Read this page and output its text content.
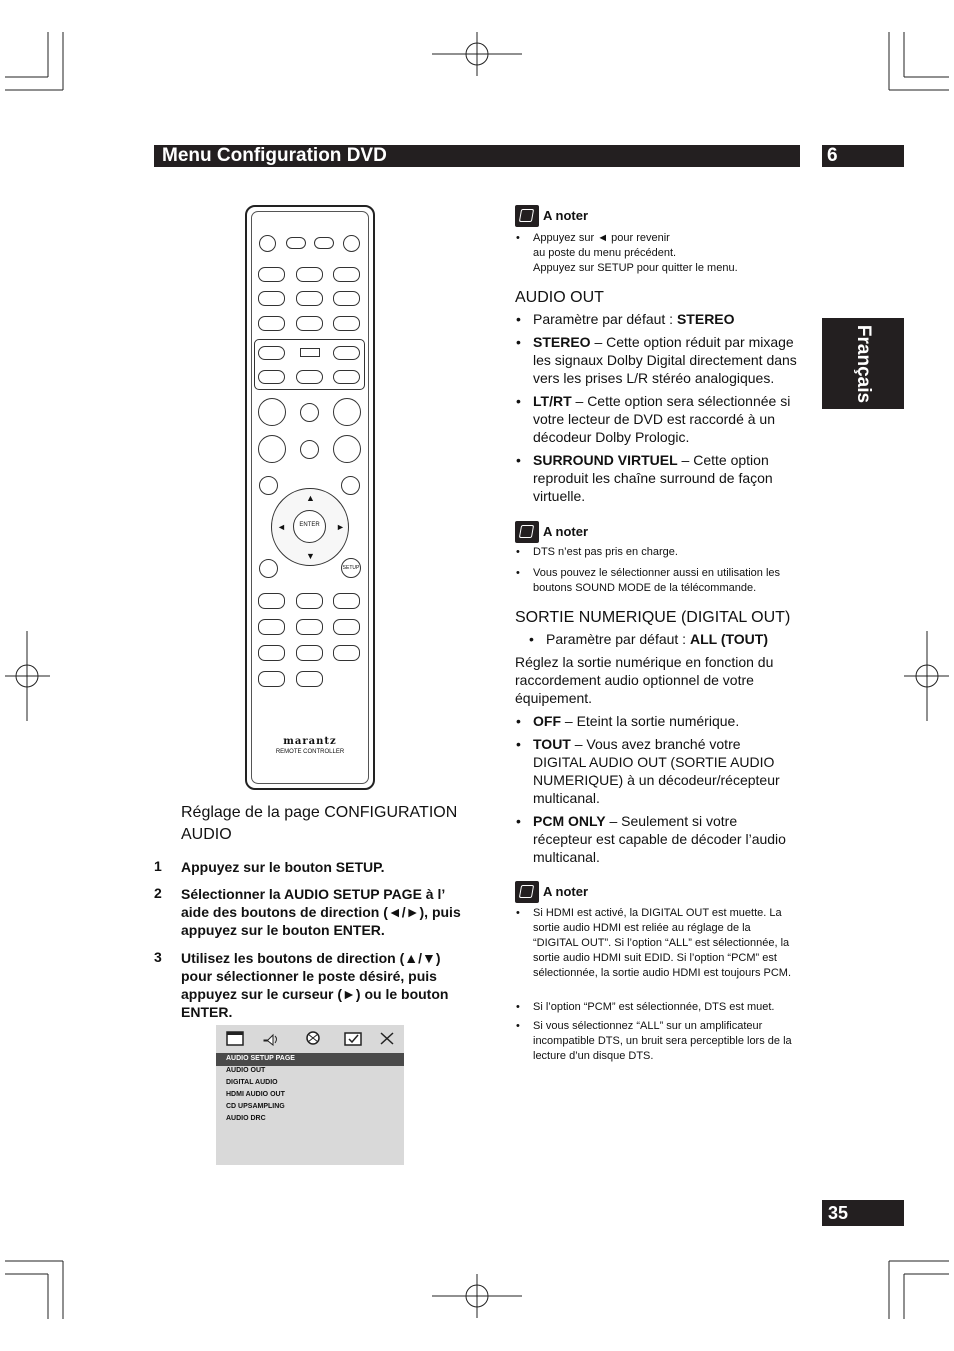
Menu Configuration DVD	6
Français
35
▲
▼
◄	►
ENTER
SETUP
marantz
REMOTE CONTROLLER
Réglage de la page CONFIGURATION AUDIO
1 Appuyez sur le bouton SETUP.
2 Sélectionner la AUDIO SETUP PAGE à l’ aide des boutons de direction (◄/►), puis appuyez sur le bouton ENTER.
3 Utilisez les boutons de direction (▲/▼) pour sélectionner le poste désiré, puis appuyez sur le curseur (►) ou le bouton ENTER.
AUDIO SETUP PAGE
AUDIO OUT
DIGITAL AUDIO
HDMI AUDIO OUT
CD UPSAMPLING
AUDIO DRC
A noter
• Appuyez sur ◄ pour revenir
au poste du menu précédent.
Appuyez sur SETUP pour quitter le menu.
AUDIO OUT
• Paramètre par défaut : STEREO
• STEREO – Cette option réduit par mixage les signaux Dolby Digital directement dans vers les prises L/R stéréo analogiques.
• LT/RT – Cette option sera sélectionnée si votre lecteur de DVD est raccordé à un décodeur Dolby Prologic.
• SURROUND VIRTUEL – Cette option reproduit les chaîne surround de façon virtuelle.
A noter
• DTS n’est pas pris en charge.
• Vous pouvez le sélectionner aussi en utilisation les boutons SOUND MODE de la télécommande.
SORTIE NUMERIQUE (DIGITAL OUT)
• Paramètre par défaut : ALL (TOUT)
Réglez la sortie numérique en fonction du raccordement audio optionnel de votre équipement.
• OFF – Eteint la sortie numérique.
• TOUT – Vous avez branché votre DIGITAL AUDIO OUT (SORTIE AUDIO NUMERIQUE) à un décodeur/récepteur multicanal.
• PCM ONLY – Seulement si votre récepteur est capable de décoder l’audio multicanal.
A noter
• Si HDMI est activé, la DIGITAL OUT est muette. La sortie audio HDMI est reliée au réglage de la “DIGITAL OUT”. Si l’option “ALL” est sélectionnée, la sortie audio HDMI suit EDID. Si l’option “PCM” est sélectionnée, la sortie audio HDMI est toujours PCM.
• Si l’option “PCM” est sélectionnée, DTS est muet.
• Si vous sélectionnez “ALL” sur un amplificateur incompatible DTS, un bruit sera perceptible lors de la lecture d’un disque DTS.
